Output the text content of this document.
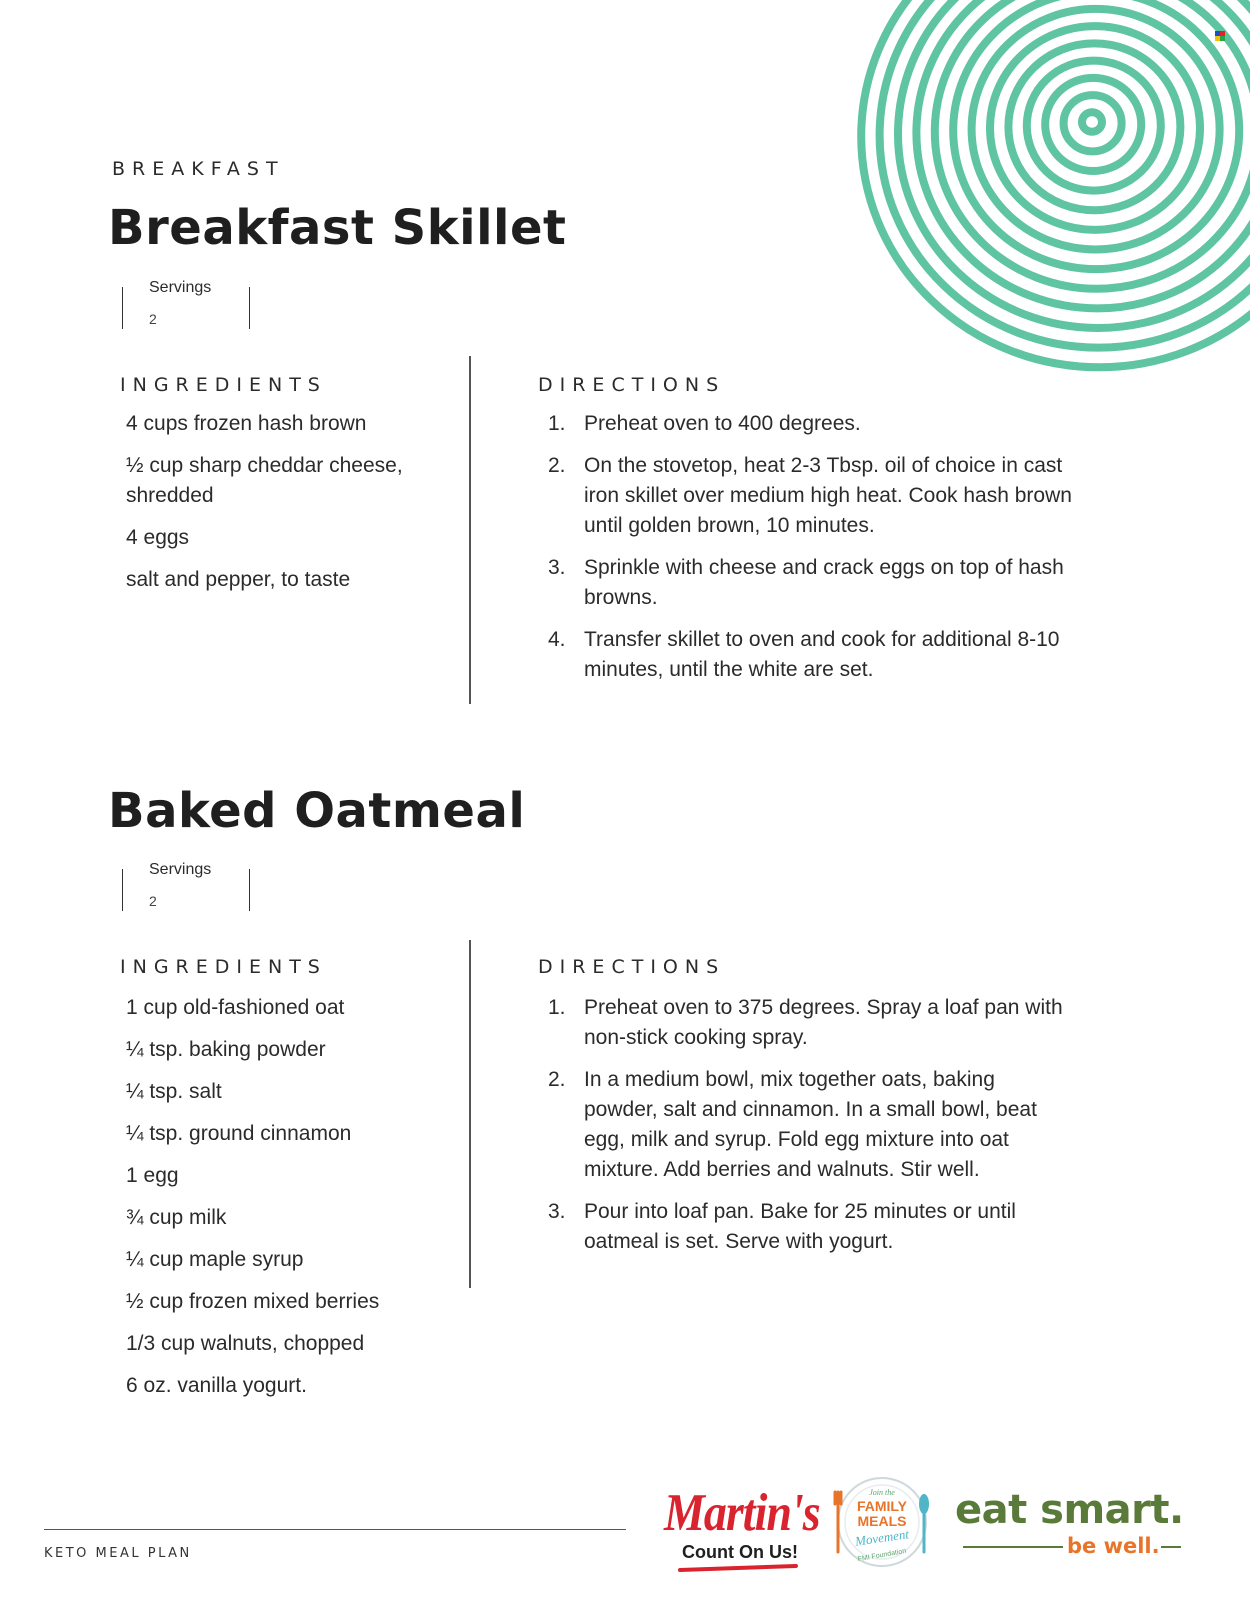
BREAKFAST
Breakfast Skillet
Servings
2
INGREDIENTS	DIRECTIONS
4 cups frozen hash brown
½ cup sharp cheddar cheese, shredded
4 eggs
salt and pepper, to taste
1. Preheat oven to 400 degrees.
2. On the stovetop, heat 2-3 Tbsp. oil of choice in cast iron skillet over medium high heat. Cook hash brown until golden brown, 10 minutes.
3. Sprinkle with cheese and crack eggs on top of hash browns.
4. Transfer skillet to oven and cook for additional 8-10 minutes, until the white are set.
Baked Oatmeal
Servings
2
INGREDIENTS	DIRECTIONS
1 cup old-fashioned oat
¼ tsp. baking powder
¼ tsp. salt
¼ tsp. ground cinnamon
1 egg
¾ cup milk
¼ cup maple syrup
½ cup frozen mixed berries
1/3 cup walnuts, chopped
6 oz. vanilla yogurt.
1. Preheat oven to 375 degrees. Spray a loaf pan with non-stick cooking spray.
2. In a medium bowl, mix together oats, baking powder, salt and cinnamon. In a small bowl, beat egg, milk and syrup. Fold egg mixture into oat mixture. Add berries and walnuts. Stir well.
3. Pour into loaf pan. Bake for 25 minutes or until oatmeal is set. Serve with yogurt.
KETO MEAL PLAN
Martin's
Count On Us!
Join the
FAMILY
MEALS
Movement
FMI Foundation
eat smart.
be well.
